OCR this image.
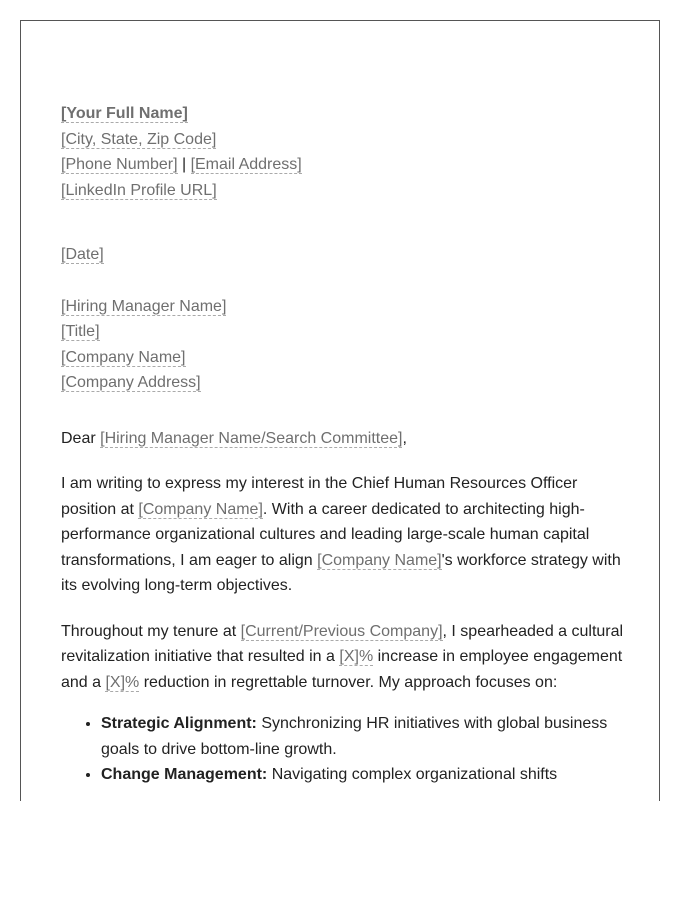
[Your Full Name]
[City, State, Zip Code]
[Phone Number] | [Email Address]
[LinkedIn Profile URL]
[Date]
[Hiring Manager Name]
[Title]
[Company Name]
[Company Address]
Dear [Hiring Manager Name/Search Committee],
I am writing to express my interest in the Chief Human Resources Officer position at [Company Name]. With a career dedicated to architecting high-performance organizational cultures and leading large-scale human capital transformations, I am eager to align [Company Name]'s workforce strategy with its evolving long-term objectives.
Throughout my tenure at [Current/Previous Company], I spearheaded a cultural revitalization initiative that resulted in a [X]% increase in employee engagement and a [X]% reduction in regrettable turnover. My approach focuses on:
• Strategic Alignment: Synchronizing HR initiatives with global business goals to drive bottom-line growth.
• Change Management: Navigating complex organizational shifts
